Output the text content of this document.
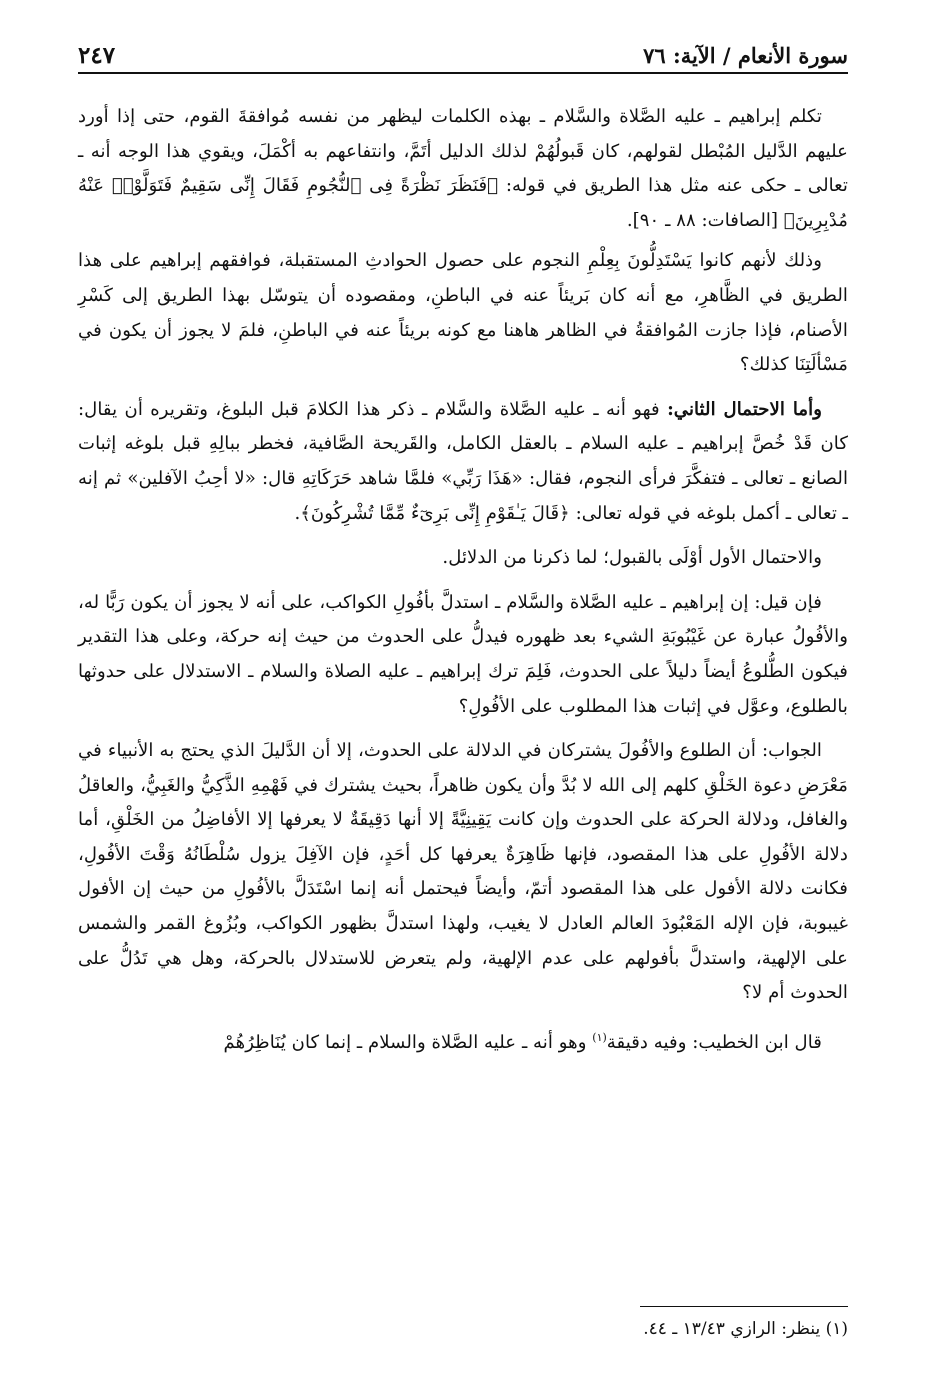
سورة الأنعام / الآية: ٧٦
٢٤٧

تكلم إبراهيم ـ عليه الصَّلاة والسَّلام ـ بهذه الكلمات ليظهر من نفسه مُوافقةَ القوم، حتى إذا أورد عليهم الدَّليل المُبْطل لقولهم، كان قَبولُهُمْ لذلك الدليل أتَمَّ، وانتفاعهم به أكْمَلَ، ويقوي هذا الوجه أنه ـ تعالى ـ حكى عنه مثل هذا الطريق في قوله: ﴿فَنَظَرَ نَظْرَةً فِى ٱلنُّجُومِ فَقَالَ إِنِّى سَقِيمٌ فَتَوَلَّوْا۟ عَنْهُ مُدْبِرِينَ﴾ [الصافات: ٨٨ ـ ٩٠].

وذلك لأنهم كانوا يَسْتَدِلُّونَ بِعِلْمِ النجوم على حصول الحوادثِ المستقبلة، فوافقهم إبراهيم على هذا الطريق في الظَّاهرِ، مع أنه كان بَريئاً عنه في الباطنِ، ومقصوده أن يتوسّل بهذا الطريق إلى كَسْرِ الأصنام، فإذا جازت المُوافقةُ في الظاهر هاهنا مع كونه بريئاً عنه في الباطنِ، فلمَ لا يجوز أن يكون في مَسْألَتِنَا كذلك؟

وأما الاحتمال الثاني: فهو أنه ـ عليه الصَّلاة والسَّلام ـ ذكر هذا الكلامَ قبل البلوغ، وتقريره أن يقال: كان قَدْ خُصَّ إبراهيم ـ عليه السلام ـ بالعقل الكامل، والقَريحة الصَّافية، فخطر ببالِهِ قبل بلوغه إثبات الصانع ـ تعالى ـ فتفكَّرَ فرأى النجوم، فقال: «هَذَا رَبِّي» فلمَّا شاهد حَرَكَاتِهِ قال: «لا أحِبُ الآفلين» ثم إنه ـ تعالى ـ أكمل بلوغه في قوله تعالى: ﴿قَالَ يَـٰقَوْمِ إِنِّى بَرِىٓءٌ مِّمَّا تُشْرِكُونَ﴾.

والاحتمال الأول أوْلَى بالقبول؛ لما ذكرنا من الدلائل.

فإن قيل: إن إبراهيم ـ عليه الصَّلاة والسَّلام ـ استدلَّ بأفُولِ الكواكب، على أنه لا يجوز أن يكون رَبًّا له، والأفُولُ عبارة عن غَيْبُوبَةِ الشيء بعد ظهوره فيدلُّ على الحدوث من حيث إنه حركة، وعلى هذا التقدير فيكون الطُّلوعُ أيضاً دليلاً على الحدوث، فَلِمَ ترك إبراهيم ـ عليه الصلاة والسلام ـ الاستدلال على حدوثها بالطلوع، وعوَّل في إثبات هذا المطلوب على الأفُولِ؟

الجواب: أن الطلوع والأفُولَ يشتركان في الدلالة على الحدوث، إلا أن الدَّليلَ الذي يحتج به الأنبياء في مَعْرَضِ دعوة الخَلْقِ كلهم إلى الله لا بُدَّ وأن يكون ظاهراً، بحيث يشترك في فَهْمِهِ الذَّكِيُّ والغَبِيُّ، والعاقلُ والغافل، ودلالة الحركة على الحدوث وإن كانت يَقِينِيَّةً إلا أنها دَقِيقَةٌ لا يعرفها إلا الأفاضِلُ من الخَلْقِ، أما دلالة الأفُولِ على هذا المقصود، فإنها ظَاهِرَةٌ يعرفها كل أحَدٍ، فإن الآفِلَ يزول سُلْطَانُهُ وَقْتَ الأفُولِ، فكانت دلالة الأفول على هذا المقصود أتمّ، وأيضاً فيحتمل أنه إنما اسْتَدَلَّ بالأفُولِ من حيث إن الأفول غيبوبة، فإن الإله المَعْبُودَ العالم العادل لا يغيب، ولهذا استدلَّ بظهور الكواكب، وبُزُوغ القمر والشمس على الإلهية، واستدلَّ بأفولهم على عدم الإلهية، ولم يتعرض للاستدلال بالحركة، وهل هي تَدُلُّ على الحدوث أم لا؟

قال ابن الخطيب: وفيه دقيقة$^{(١)}$ وهو أنه ـ عليه الصَّلاة والسلام ـ إنما كان يُنَاظِرُهُمْ

(١) ينظر: الرازي ١٣/٤٣ ـ ٤٤.
